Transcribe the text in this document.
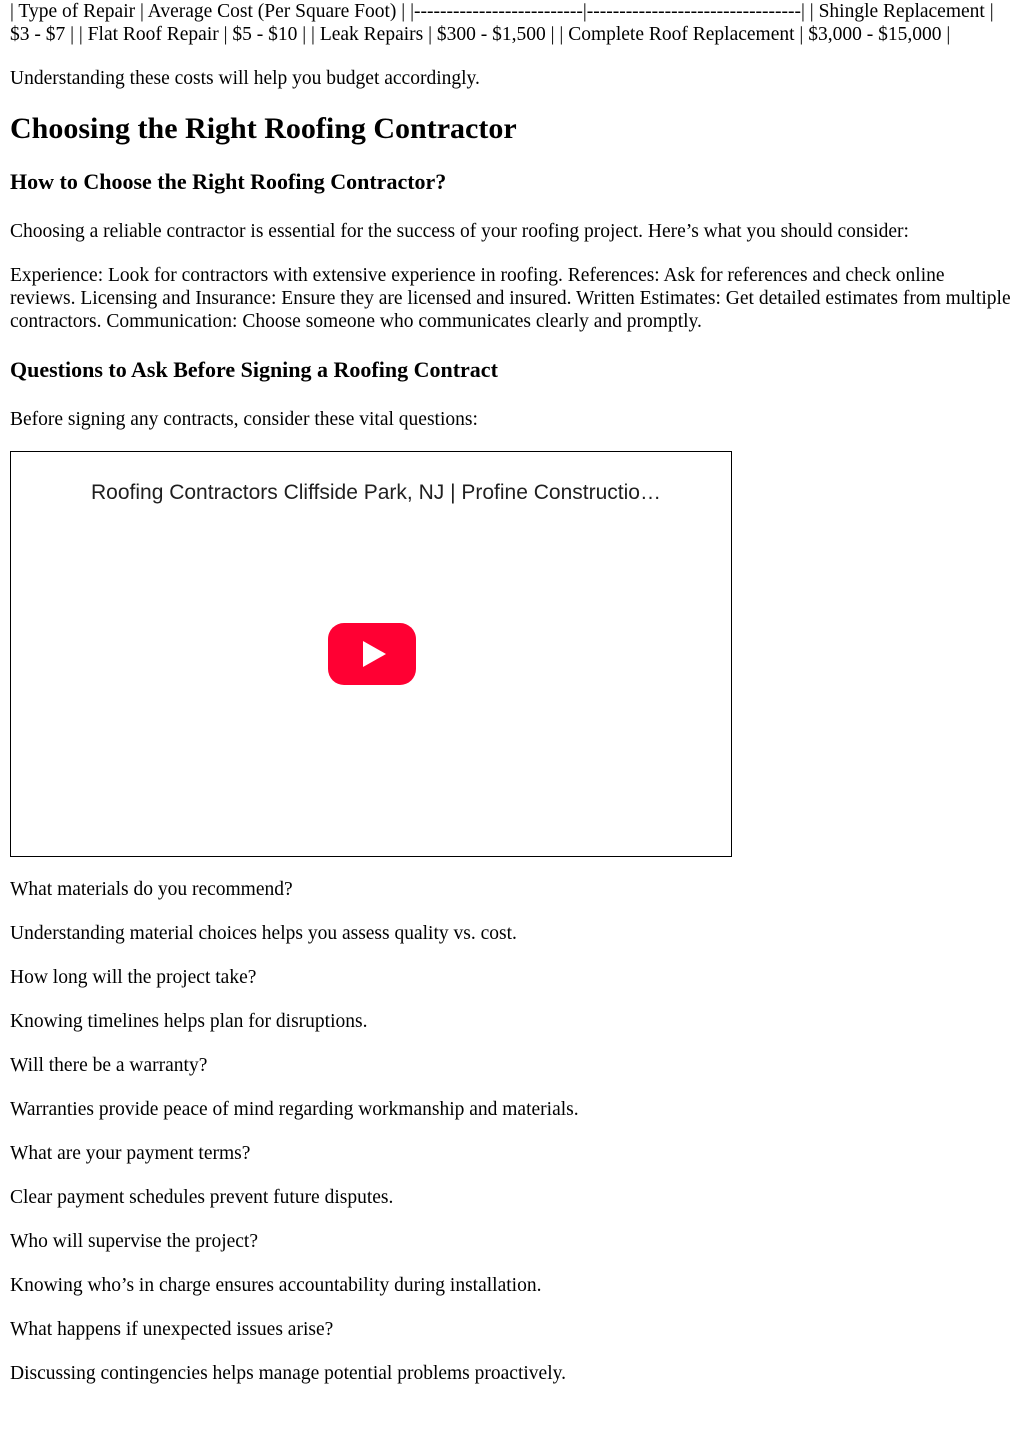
| Type of Repair | Average Cost (Per Square Foot) | |--------------------------|---------------------------------| | Shingle Replacement | $3 - $7 | | Flat Roof Repair | $5 - $10 | | Leak Repairs | $300 - $1,500 | | Complete Roof Replacement | $3,000 - $15,000 |

Understanding these costs will help you budget accordingly.

Choosing the Right Roofing Contractor
How to Choose the Right Roofing Contractor?

Choosing a reliable contractor is essential for the success of your roofing project. Here’s what you should consider:

Experience: Look for contractors with extensive experience in roofing. References: Ask for references and check online reviews. Licensing and Insurance: Ensure they are licensed and insured. Written Estimates: Get detailed estimates from multiple contractors. Communication: Choose someone who communicates clearly and promptly.

Questions to Ask Before Signing a Roofing Contract

Before signing any contracts, consider these vital questions:

Roofing Contractors Cliffside Park, NJ | Profine Constructio…

What materials do you recommend?

Understanding material choices helps you assess quality vs. cost.

How long will the project take?

Knowing timelines helps plan for disruptions.

Will there be a warranty?

Warranties provide peace of mind regarding workmanship and materials.

What are your payment terms?

Clear payment schedules prevent future disputes.

Who will supervise the project?

Knowing who’s in charge ensures accountability during installation.

What happens if unexpected issues arise?

Discussing contingencies helps manage potential problems proactively.
